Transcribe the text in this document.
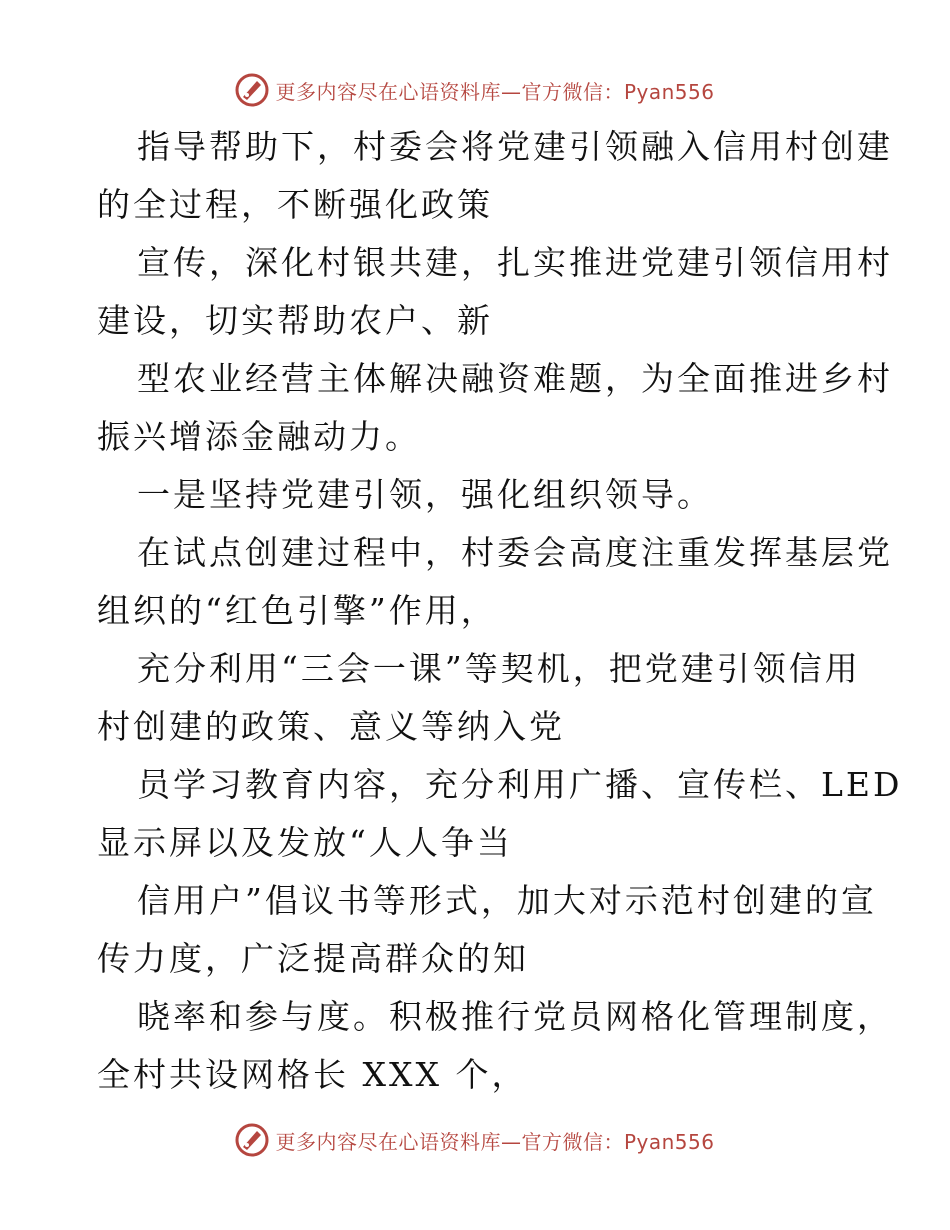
更多内容尽在心语资料库—官方微信：Pyan556
指导帮助下，村委会将党建引领融入信用村创建
的全过程，不断强化政策
宣传，深化村银共建，扎实推进党建引领信用村
建设，切实帮助农户、新
型农业经营主体解决融资难题，为全面推进乡村
振兴增添金融动力。
一是坚持党建引领，强化组织领导。
在试点创建过程中，村委会高度注重发挥基层党
组织的“红色引擎”作用，
充分利用“三会一课”等契机，把党建引领信用
村创建的政策、意义等纳入党
员学习教育内容，充分利用广播、宣传栏、LED
显示屏以及发放“人人争当
信用户”倡议书等形式，加大对示范村创建的宣
传力度，广泛提高群众的知
晓率和参与度。积极推行党员网格化管理制度，
全村共设网格长 XXX 个，
更多内容尽在心语资料库—官方微信：Pyan556
